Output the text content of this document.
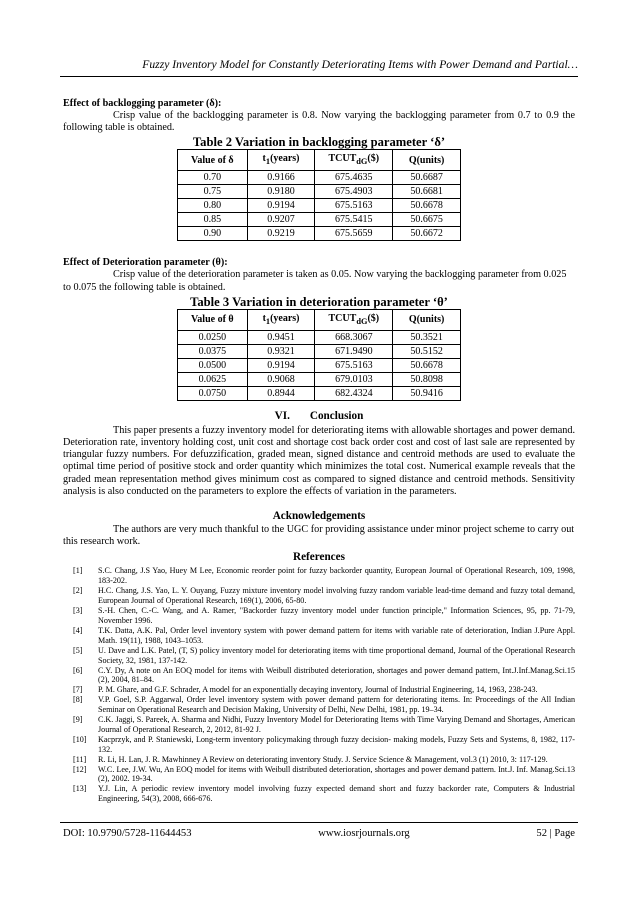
Fuzzy Inventory Model for Constantly Deteriorating Items with Power Demand and Partial…
Effect of backlogging parameter (δ):

Crisp value of the backlogging parameter is 0.8. Now varying the backlogging parameter from 0.7 to 0.9 the following table is obtained.

Table 2 Variation in backlogging parameter ‘δ’
Value of δ	$t_1(years)$	$TCUT_{dG}(\$)$	Q(units)
0.70	0.9166	675.4635	50.6687
0.75	0.9180	675.4903	50.6681
0.80	0.9194	675.5163	50.6678
0.85	0.9207	675.5415	50.6675
0.90	0.9219	675.5659	50.6672
Effect of Deterioration parameter (θ):

Crisp value of the deterioration parameter is taken as 0.05. Now varying the backlogging parameter from 0.025 to 0.075 the following table is obtained.

Table 3 Variation in deterioration parameter ‘θ’
Value of θ	$t_1(years)$	$TCUT_{dG}(\$)$	Q(units)
0.0250	0.9451	668.3067	50.3521
0.0375	0.9321	671.9490	50.5152
0.0500	0.9194	675.5163	50.6678
0.0625	0.9068	679.0103	50.8098
0.0750	0.8944	682.4324	50.9416
VI. Conclusion

This paper presents a fuzzy inventory model for deteriorating items with allowable shortages and power demand. Deterioration rate, inventory holding cost, unit cost and shortage cost back order cost and cost of last sale are represented by triangular fuzzy numbers. For defuzzification, graded mean, signed distance and centroid methods are used to evaluate the optimal time period of positive stock and order quantity which minimizes the total cost. Numerical example reveals that the graded mean representation method gives minimum cost as compared to signed distance and centroid methods. Sensitivity analysis is also conducted on the parameters to explore the effects of variation in the parameters.

Acknowledgements

The authors are very much thankful to the UGC for providing assistance under minor project scheme to carry out this research work.

References
[1]	S.C. Chang, J.S Yao, Huey M Lee, Economic reorder point for fuzzy backorder quantity, European Journal of Operational Research, 109, 1998, 183-202.
[2]	H.C. Chang, J.S. Yao, L. Y. Ouyang, Fuzzy mixture inventory model involving fuzzy random variable lead-time demand and fuzzy total demand, European Journal of Operational Research, 169(1), 2006, 65-80.
[3]	S.-H. Chen, C.-C. Wang, and A. Ramer, "Backorder fuzzy inventory model under function principle," Information Sciences, 95, pp. 71-79, November 1996.
[4]	T.K. Datta, A.K. Pal, Order level inventory system with power demand pattern for items with variable rate of deterioration, Indian J.Pure Appl. Math. 19(11), 1988, 1043–1053.
[5]	U. Dave and L.K. Patel, (T, S) policy inventory model for deteriorating items with time proportional demand, Journal of the Operational Research Society, 32, 1981, 137-142.
[6]	C.Y. Dy, A note on An EOQ model for items with Weibull distributed deterioration, shortages and power demand pattern, Int.J.Inf.Manag.Sci.15 (2), 2004, 81–84.
[7]	P. M. Ghare, and G.F. Schrader, A model for an exponentially decaying inventory, Journal of Industrial Engineering, 14, 1963, 238-243.
[8]	V.P. Goel, S.P. Aggarwal, Order level inventory system with power demand pattern for deteriorating items. In: Proceedings of the All Indian Seminar on Operational Research and Decision Making, University of Delhi, New Delhi, 1981, pp. 19–34.
[9]	C.K. Jaggi, S. Pareek, A. Sharma and Nidhi, Fuzzy Inventory Model for Deteriorating Items with Time Varying Demand and Shortages, American Journal of Operational Research, 2, 2012, 81-92 J.
[10]	Kacprzyk, and P. Staniewski, Long-term inventory policymaking through fuzzy decision- making models, Fuzzy Sets and Systems, 8, 1982, 117-132.
[11]	R. Li, H. Lan, J. R. Mawhinney A Review on deteriorating inventory Study. J. Service Science & Management, vol.3 (1) 2010, 3: 117-129.
[12]	W.C. Lee, J.W. Wu, An EOQ model for items with Weibull distributed deterioration, shortages and power demand pattern. Int.J. Inf. Manag.Sci.13 (2), 2002. 19-34.
[13]	Y.J. Lin, A periodic review inventory model involving fuzzy expected demand short and fuzzy backorder rate, Computers & Industrial Engineering, 54(3), 2008, 666-676.
DOI: 10.9790/5728-11644453	www.iosrjournals.org	52 | Page
